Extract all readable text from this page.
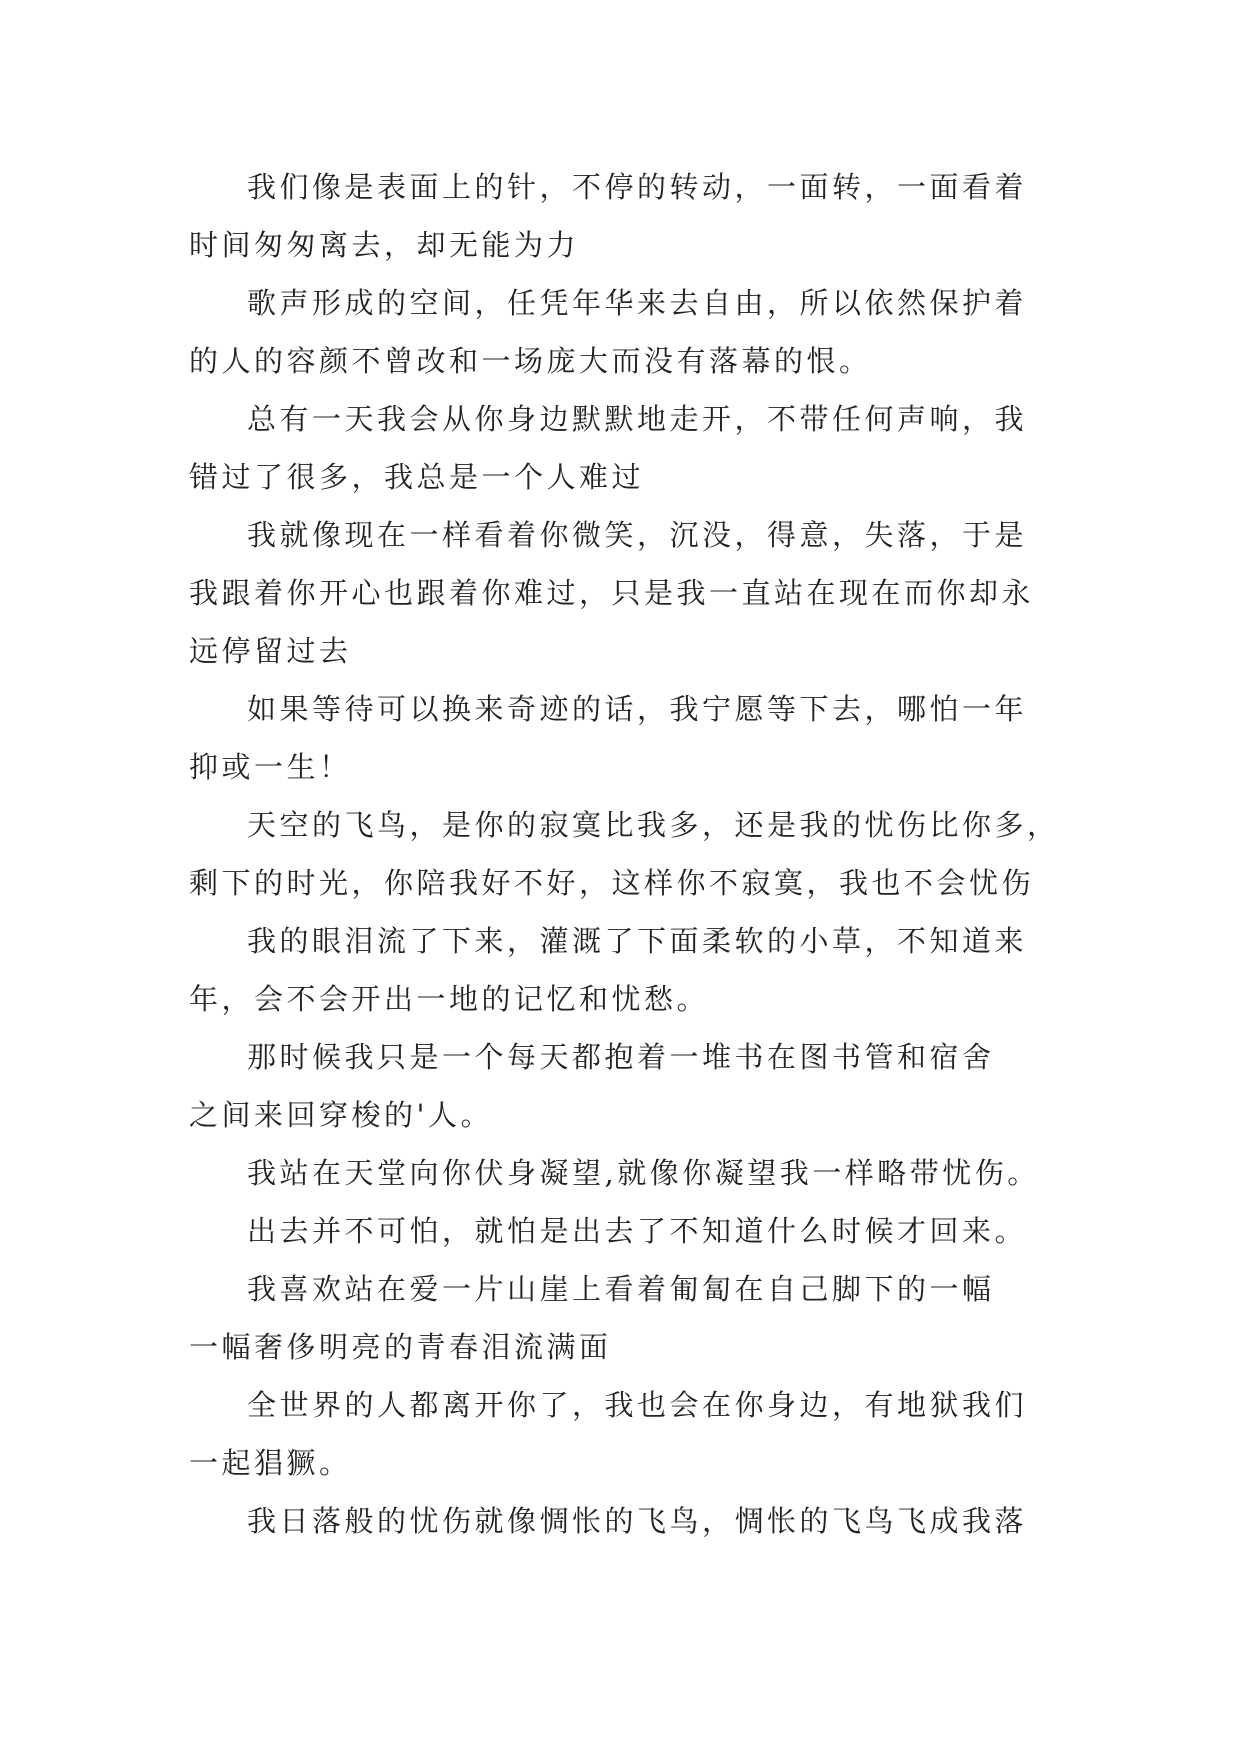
我们像是表面上的针，不停的转动，一面转，一面看着
时间匆匆离去，却无能为力

歌声形成的空间，任凭年华来去自由，所以依然保护着
的人的容颜不曾改和一场庞大而没有落幕的恨。

总有一天我会从你身边默默地走开，不带任何声响，我
错过了很多，我总是一个人难过

我就像现在一样看着你微笑，沉没，得意，失落，于是
我跟着你开心也跟着你难过，只是我一直站在现在而你却永
远停留过去

如果等待可以换来奇迹的话，我宁愿等下去，哪怕一年
抑或一生！

天空的飞鸟，是你的寂寞比我多，还是我的忧伤比你多，
剩下的时光，你陪我好不好，这样你不寂寞，我也不会忧伤

我的眼泪流了下来，灌溉了下面柔软的小草，不知道来
年，会不会开出一地的记忆和忧愁。

那时候我只是一个每天都抱着一堆书在图书管和宿舍
之间来回穿梭的'人。

我站在天堂向你伏身凝望,就像你凝望我一样略带忧伤。

出去并不可怕，就怕是出去了不知道什么时候才回来。

我喜欢站在爱一片山崖上看着匍匐在自己脚下的一幅
一幅奢侈明亮的青春泪流满面

全世界的人都离开你了，我也会在你身边，有地狱我们
一起猖獗。

我日落般的忧伤就像惆怅的飞鸟，惆怅的飞鸟飞成我落
